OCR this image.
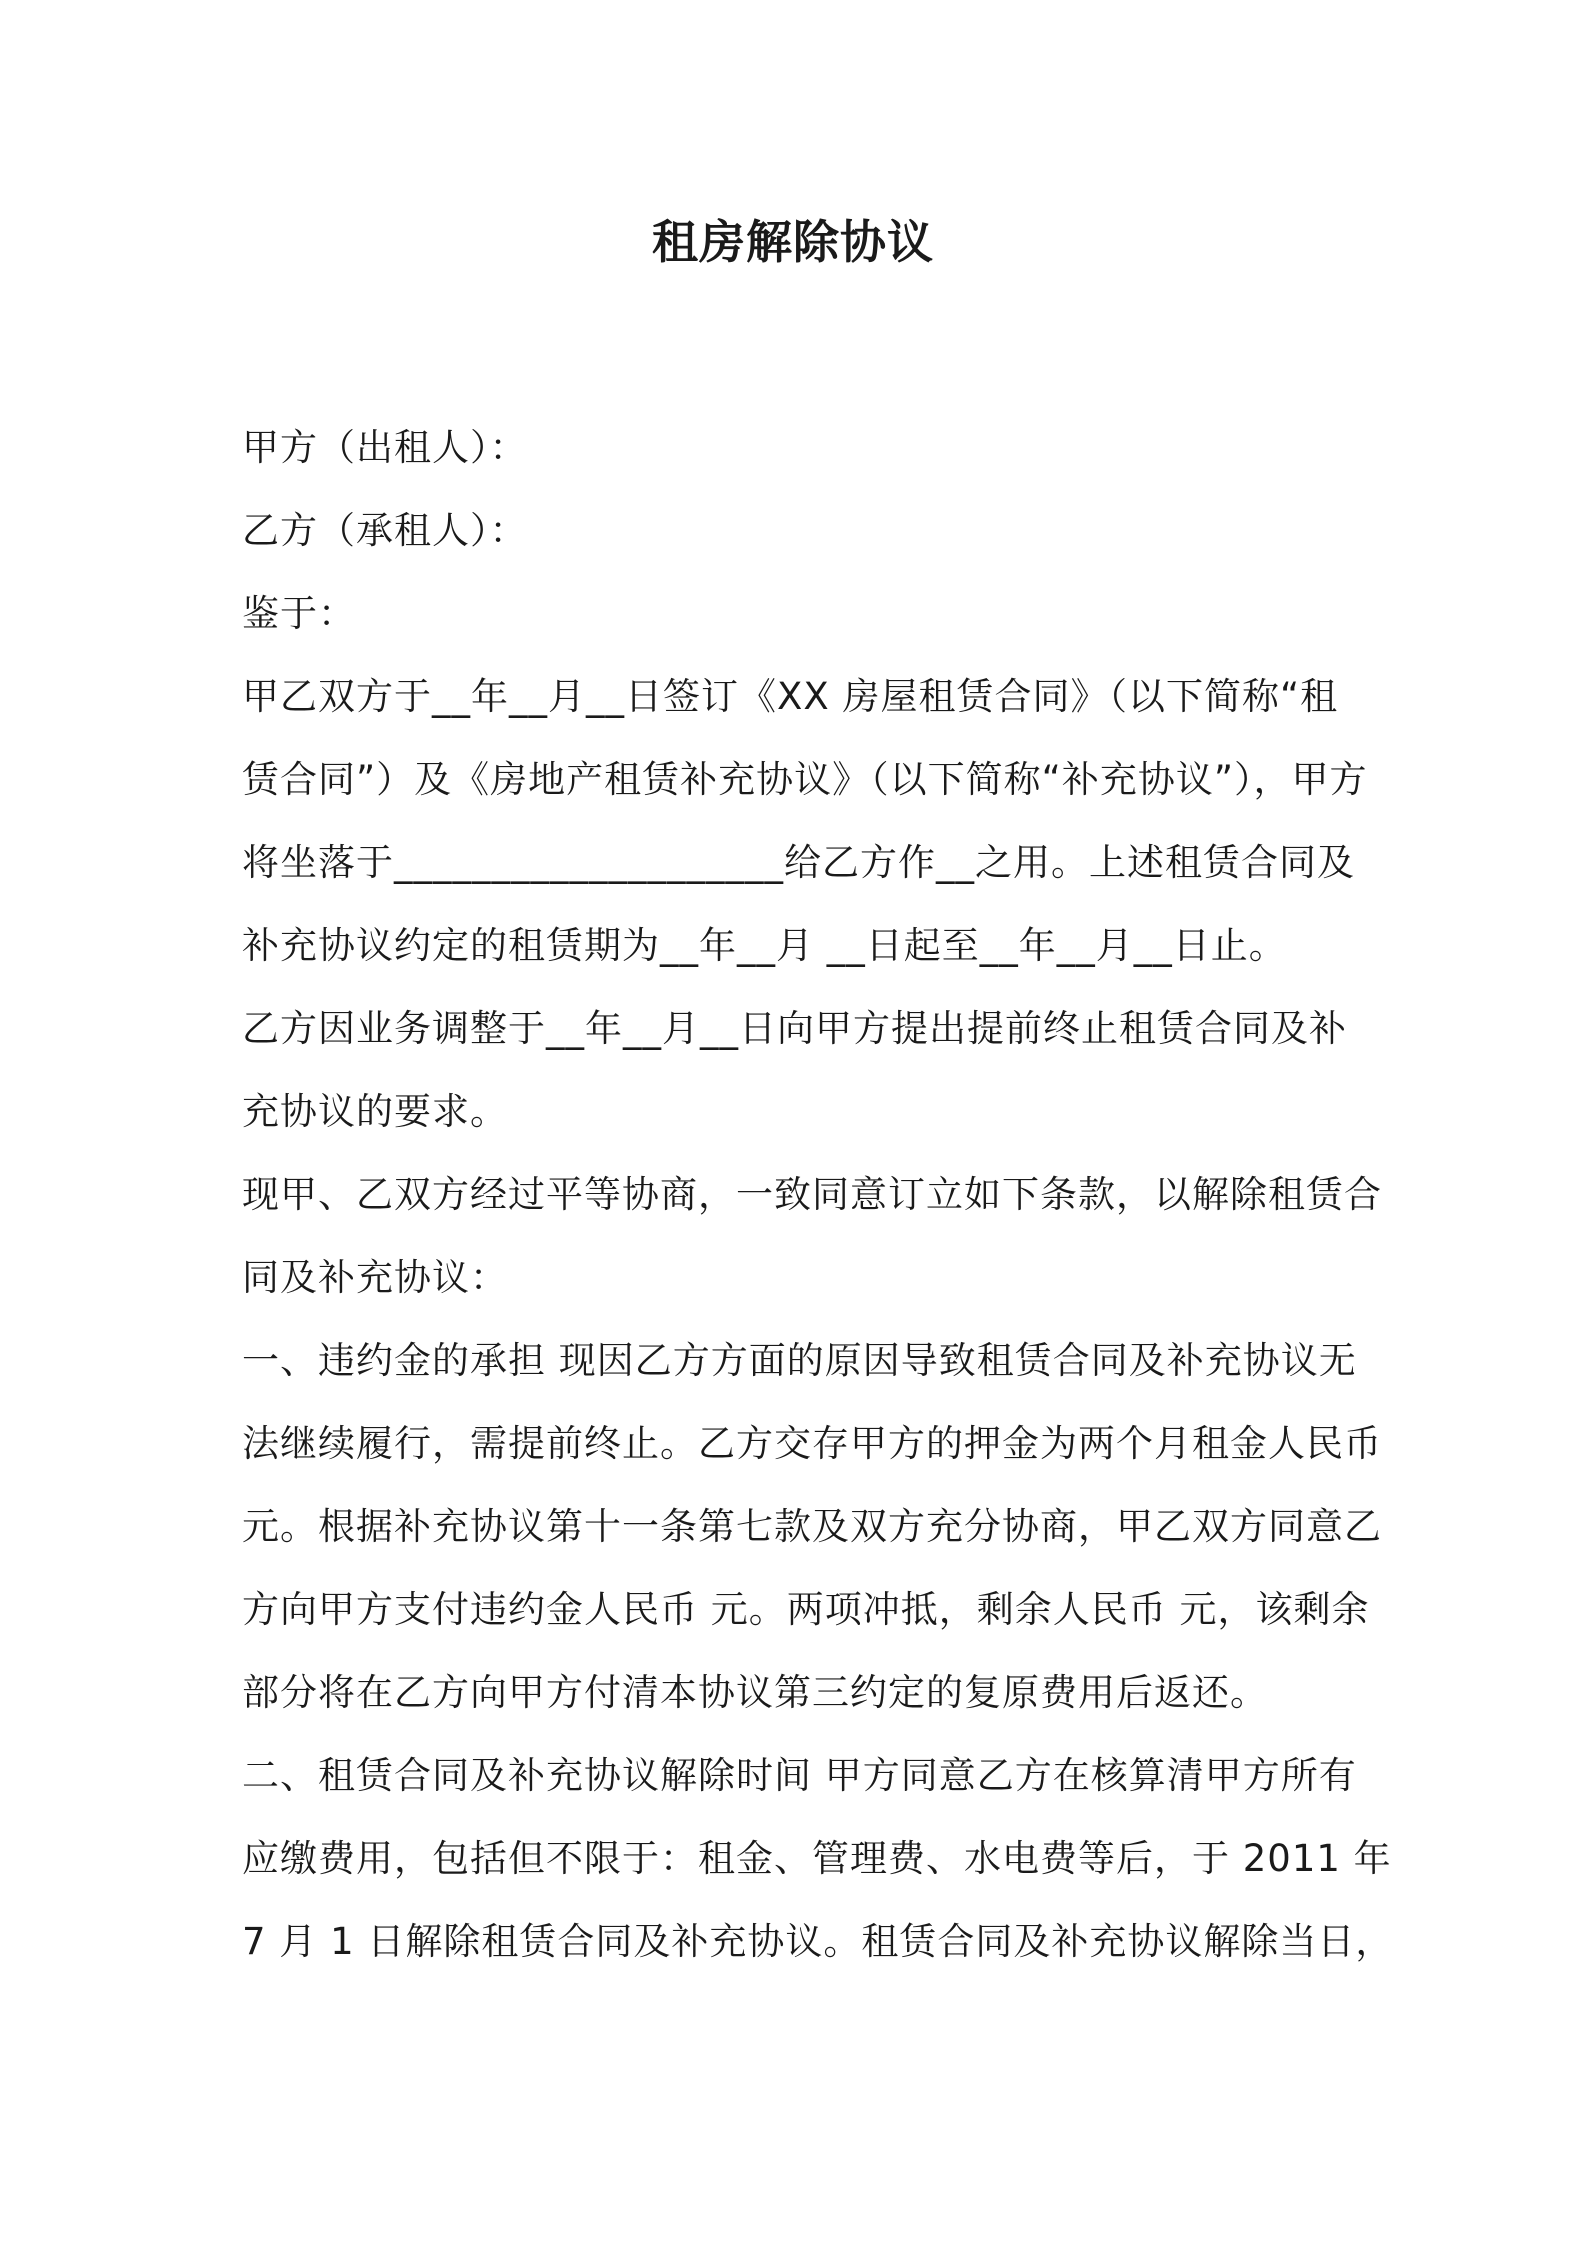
租房解除协议
甲方（出租人）：
乙方（承租人）：
鉴于：
甲乙双方于__年__月__日签订《XX 房屋租赁合同》（以下简称“租
赁合同”）及《房地产租赁补充协议》（以下简称“补充协议”），甲方
将坐落于____________________给乙方作__之用。上述租赁合同及
补充协议约定的租赁期为__年__月 __日起至__年__月__日止。
乙方因业务调整于__年__月__日向甲方提出提前终止租赁合同及补
充协议的要求。
现甲、乙双方经过平等协商，一致同意订立如下条款，以解除租赁合
同及补充协议：
一、违约金的承担 现因乙方方面的原因导致租赁合同及补充协议无
法继续履行，需提前终止。乙方交存甲方的押金为两个月租金人民币
元。根据补充协议第十一条第七款及双方充分协商，甲乙双方同意乙
方向甲方支付违约金人民币 元。两项冲抵，剩余人民币 元，该剩余
部分将在乙方向甲方付清本协议第三约定的复原费用后返还。
二、租赁合同及补充协议解除时间 甲方同意乙方在核算清甲方所有
应缴费用，包括但不限于：租金、管理费、水电费等后，于 2011 年
7 月 1 日解除租赁合同及补充协议。租赁合同及补充协议解除当日，
